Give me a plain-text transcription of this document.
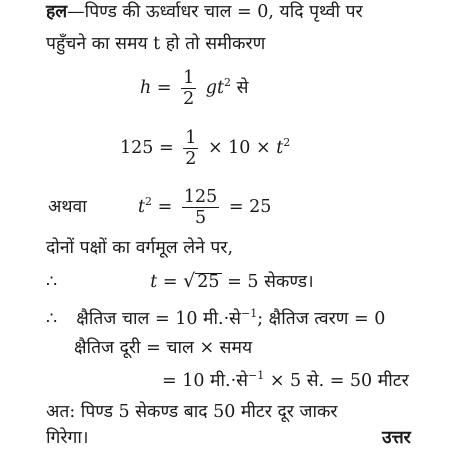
हल—पिण्ड की ऊर्ध्वाधर चाल = 0, यदि पृथ्वी पर
पहुँचने का समय t हो तो समीकरण
$h = \frac{1}{2} gt^2$ से
$125 = \frac{1}{2} \times 10 \times t^2$
अथवा	$t^2 = \frac{125}{5} = 25$
दोनों पक्षों का वर्गमूल लेने पर,
∴	t = √ 25 = 5 सेकण्ड।
∴ क्षैतिज चाल = 10 मी.·से$^{-1}$; क्षैतिज त्वरण = 0
क्षैतिज दूरी = चाल × समय
= 10 मी.·से$^{-1}$ × 5 से. = 50 मीटर
अत: पिण्ड 5 सेकण्ड बाद 50 मीटर दूर जाकर
गिरेगा।	उत्तर
